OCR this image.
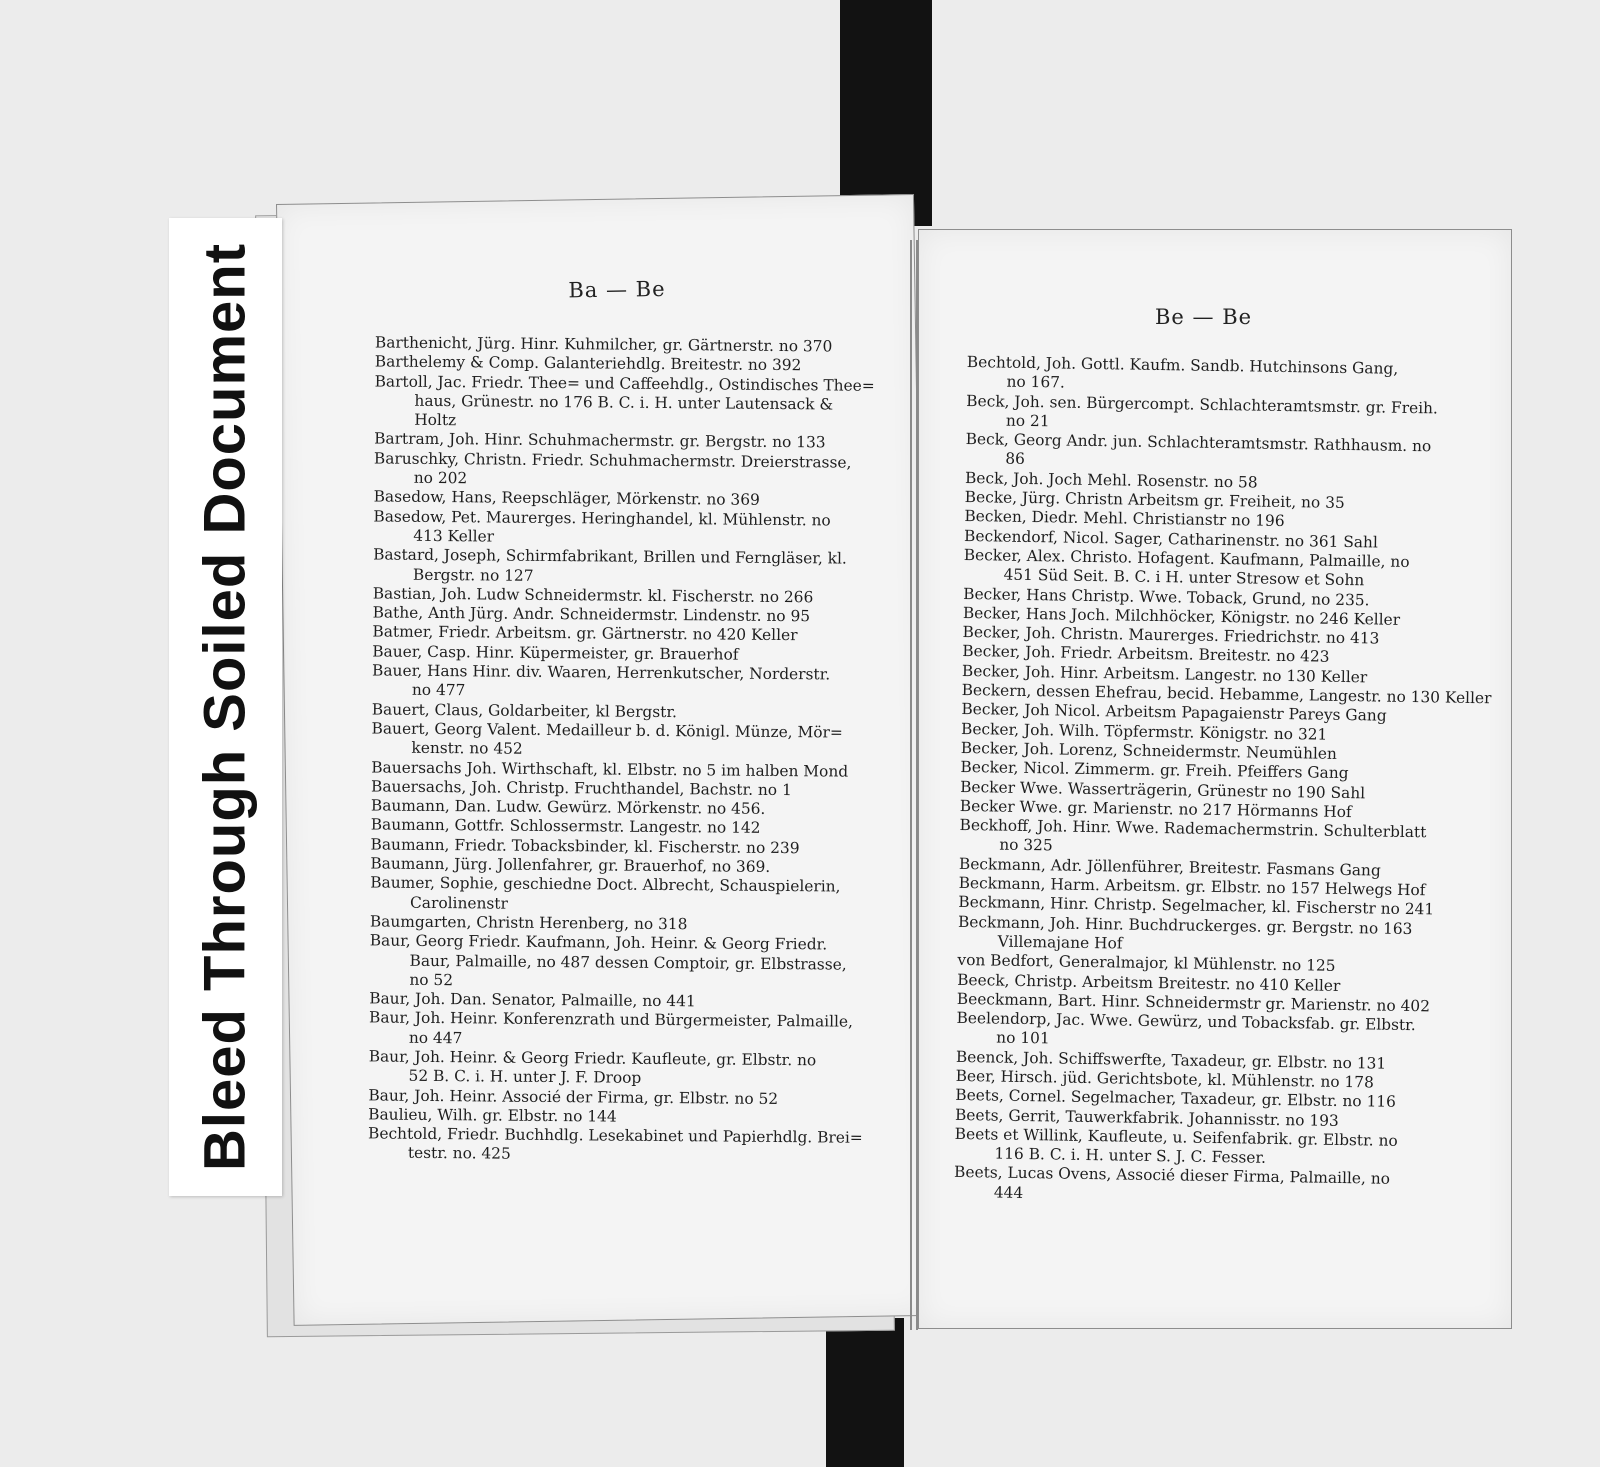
Ba — Be
Barthenicht, Jürg. Hinr. Kuhmilcher, gr. Gärtnerstr. no 370
Barthelemy & Comp. Galanteriehdlg. Breitestr. no 392
Bartoll, Jac. Friedr. Thee= und Caffeehdlg., Ostindisches Thee=
haus, Grünestr. no 176 B. C. i. H. unter Lautensack &
Holtz
Bartram, Joh. Hinr. Schuhmachermstr. gr. Bergstr. no 133
Baruschky, Christn. Friedr. Schuhmachermstr. Dreierstrasse,
no 202
Basedow, Hans, Reepschläger, Mörkenstr. no 369
Basedow, Pet. Maurerges. Heringhandel, kl. Mühlenstr. no
413 Keller
Bastard, Joseph, Schirmfabrikant, Brillen und Ferngläser, kl.
Bergstr. no 127
Bastian, Joh. Ludw Schneidermstr. kl. Fischerstr. no 266
Bathe, Anth Jürg. Andr. Schneidermstr. Lindenstr. no 95
Batmer, Friedr. Arbeitsm. gr. Gärtnerstr. no 420 Keller
Bauer, Casp. Hinr. Küpermeister, gr. Brauerhof
Bauer, Hans Hinr. div. Waaren, Herrenkutscher, Norderstr.
no 477
Bauert, Claus, Goldarbeiter, kl Bergstr.
Bauert, Georg Valent. Medailleur b. d. Königl. Münze, Mör=
kenstr. no 452
Bauersachs Joh. Wirthschaft, kl. Elbstr. no 5 im halben Mond
Bauersachs, Joh. Christp. Fruchthandel, Bachstr. no 1
Baumann, Dan. Ludw. Gewürz. Mörkenstr. no 456.
Baumann, Gottfr. Schlossermstr. Langestr. no 142
Baumann, Friedr. Tobacksbinder, kl. Fischerstr. no 239
Baumann, Jürg. Jollenfahrer, gr. Brauerhof, no 369.
Baumer, Sophie, geschiedne Doct. Albrecht, Schauspielerin,
Carolinenstr
Baumgarten, Christn Herenberg, no 318
Baur, Georg Friedr. Kaufmann, Joh. Heinr. & Georg Friedr.
Baur, Palmaille, no 487 dessen Comptoir, gr. Elbstrasse,
no 52
Baur, Joh. Dan. Senator, Palmaille, no 441
Baur, Joh. Heinr. Konferenzrath und Bürgermeister, Palmaille,
no 447
Baur, Joh. Heinr. & Georg Friedr. Kaufleute, gr. Elbstr. no
52 B. C. i. H. unter J. F. Droop
Baur, Joh. Heinr. Associé der Firma, gr. Elbstr. no 52
Baulieu, Wilh. gr. Elbstr. no 144
Bechtold, Friedr. Buchhdlg. Lesekabinet und Papierhdlg. Brei=
testr. no. 425
Be — Be
Bechtold, Joh. Gottl. Kaufm. Sandb. Hutchinsons Gang,
no 167.
Beck, Joh. sen. Bürgercompt. Schlachteramtsmstr. gr. Freih.
no 21
Beck, Georg Andr. jun. Schlachteramtsmstr. Rathhausm. no
86
Beck, Joh. Joch Mehl. Rosenstr. no 58
Becke, Jürg. Christn Arbeitsm gr. Freiheit, no 35
Becken, Diedr. Mehl. Christianstr no 196
Beckendorf, Nicol. Sager, Catharinenstr. no 361 Sahl
Becker, Alex. Christo. Hofagent. Kaufmann, Palmaille, no
451 Süd Seit. B. C. i H. unter Stresow et Sohn
Becker, Hans Christp. Wwe. Toback, Grund, no 235.
Becker, Hans Joch. Milchhöcker, Königstr. no 246 Keller
Becker, Joh. Christn. Maurerges. Friedrichstr. no 413
Becker, Joh. Friedr. Arbeitsm. Breitestr. no 423
Becker, Joh. Hinr. Arbeitsm. Langestr. no 130 Keller
Beckern, dessen Ehefrau, becid. Hebamme, Langestr. no 130 Keller
Becker, Joh Nicol. Arbeitsm Papagaienstr Pareys Gang
Becker, Joh. Wilh. Töpfermstr. Königstr. no 321
Becker, Joh. Lorenz, Schneidermstr. Neumühlen
Becker, Nicol. Zimmerm. gr. Freih. Pfeiffers Gang
Becker Wwe. Wasserträgerin, Grünestr no 190 Sahl
Becker Wwe. gr. Marienstr. no 217 Hörmanns Hof
Beckhoff, Joh. Hinr. Wwe. Rademachermstrin. Schulterblatt
no 325
Beckmann, Adr. Jöllenführer, Breitestr. Fasmans Gang
Beckmann, Harm. Arbeitsm. gr. Elbstr. no 157 Helwegs Hof
Beckmann, Hinr. Christp. Segelmacher, kl. Fischerstr no 241
Beckmann, Joh. Hinr. Buchdruckerges. gr. Bergstr. no 163
Villemajane Hof
von Bedfort, Generalmajor, kl Mühlenstr. no 125
Beeck, Christp. Arbeitsm Breitestr. no 410 Keller
Beeckmann, Bart. Hinr. Schneidermstr gr. Marienstr. no 402
Beelendorp, Jac. Wwe. Gewürz, und Tobacksfab. gr. Elbstr.
no 101
Beenck, Joh. Schiffswerfte, Taxadeur, gr. Elbstr. no 131
Beer, Hirsch. jüd. Gerichtsbote, kl. Mühlenstr. no 178
Beets, Cornel. Segelmacher, Taxadeur, gr. Elbstr. no 116
Beets, Gerrit, Tauwerkfabrik. Johannisstr. no 193
Beets et Willink, Kaufleute, u. Seifenfabrik. gr. Elbstr. no
116 B. C. i. H. unter S. J. C. Fesser.
Beets, Lucas Ovens, Associé dieser Firma, Palmaille, no
444
Bleed Through Soiled Document
